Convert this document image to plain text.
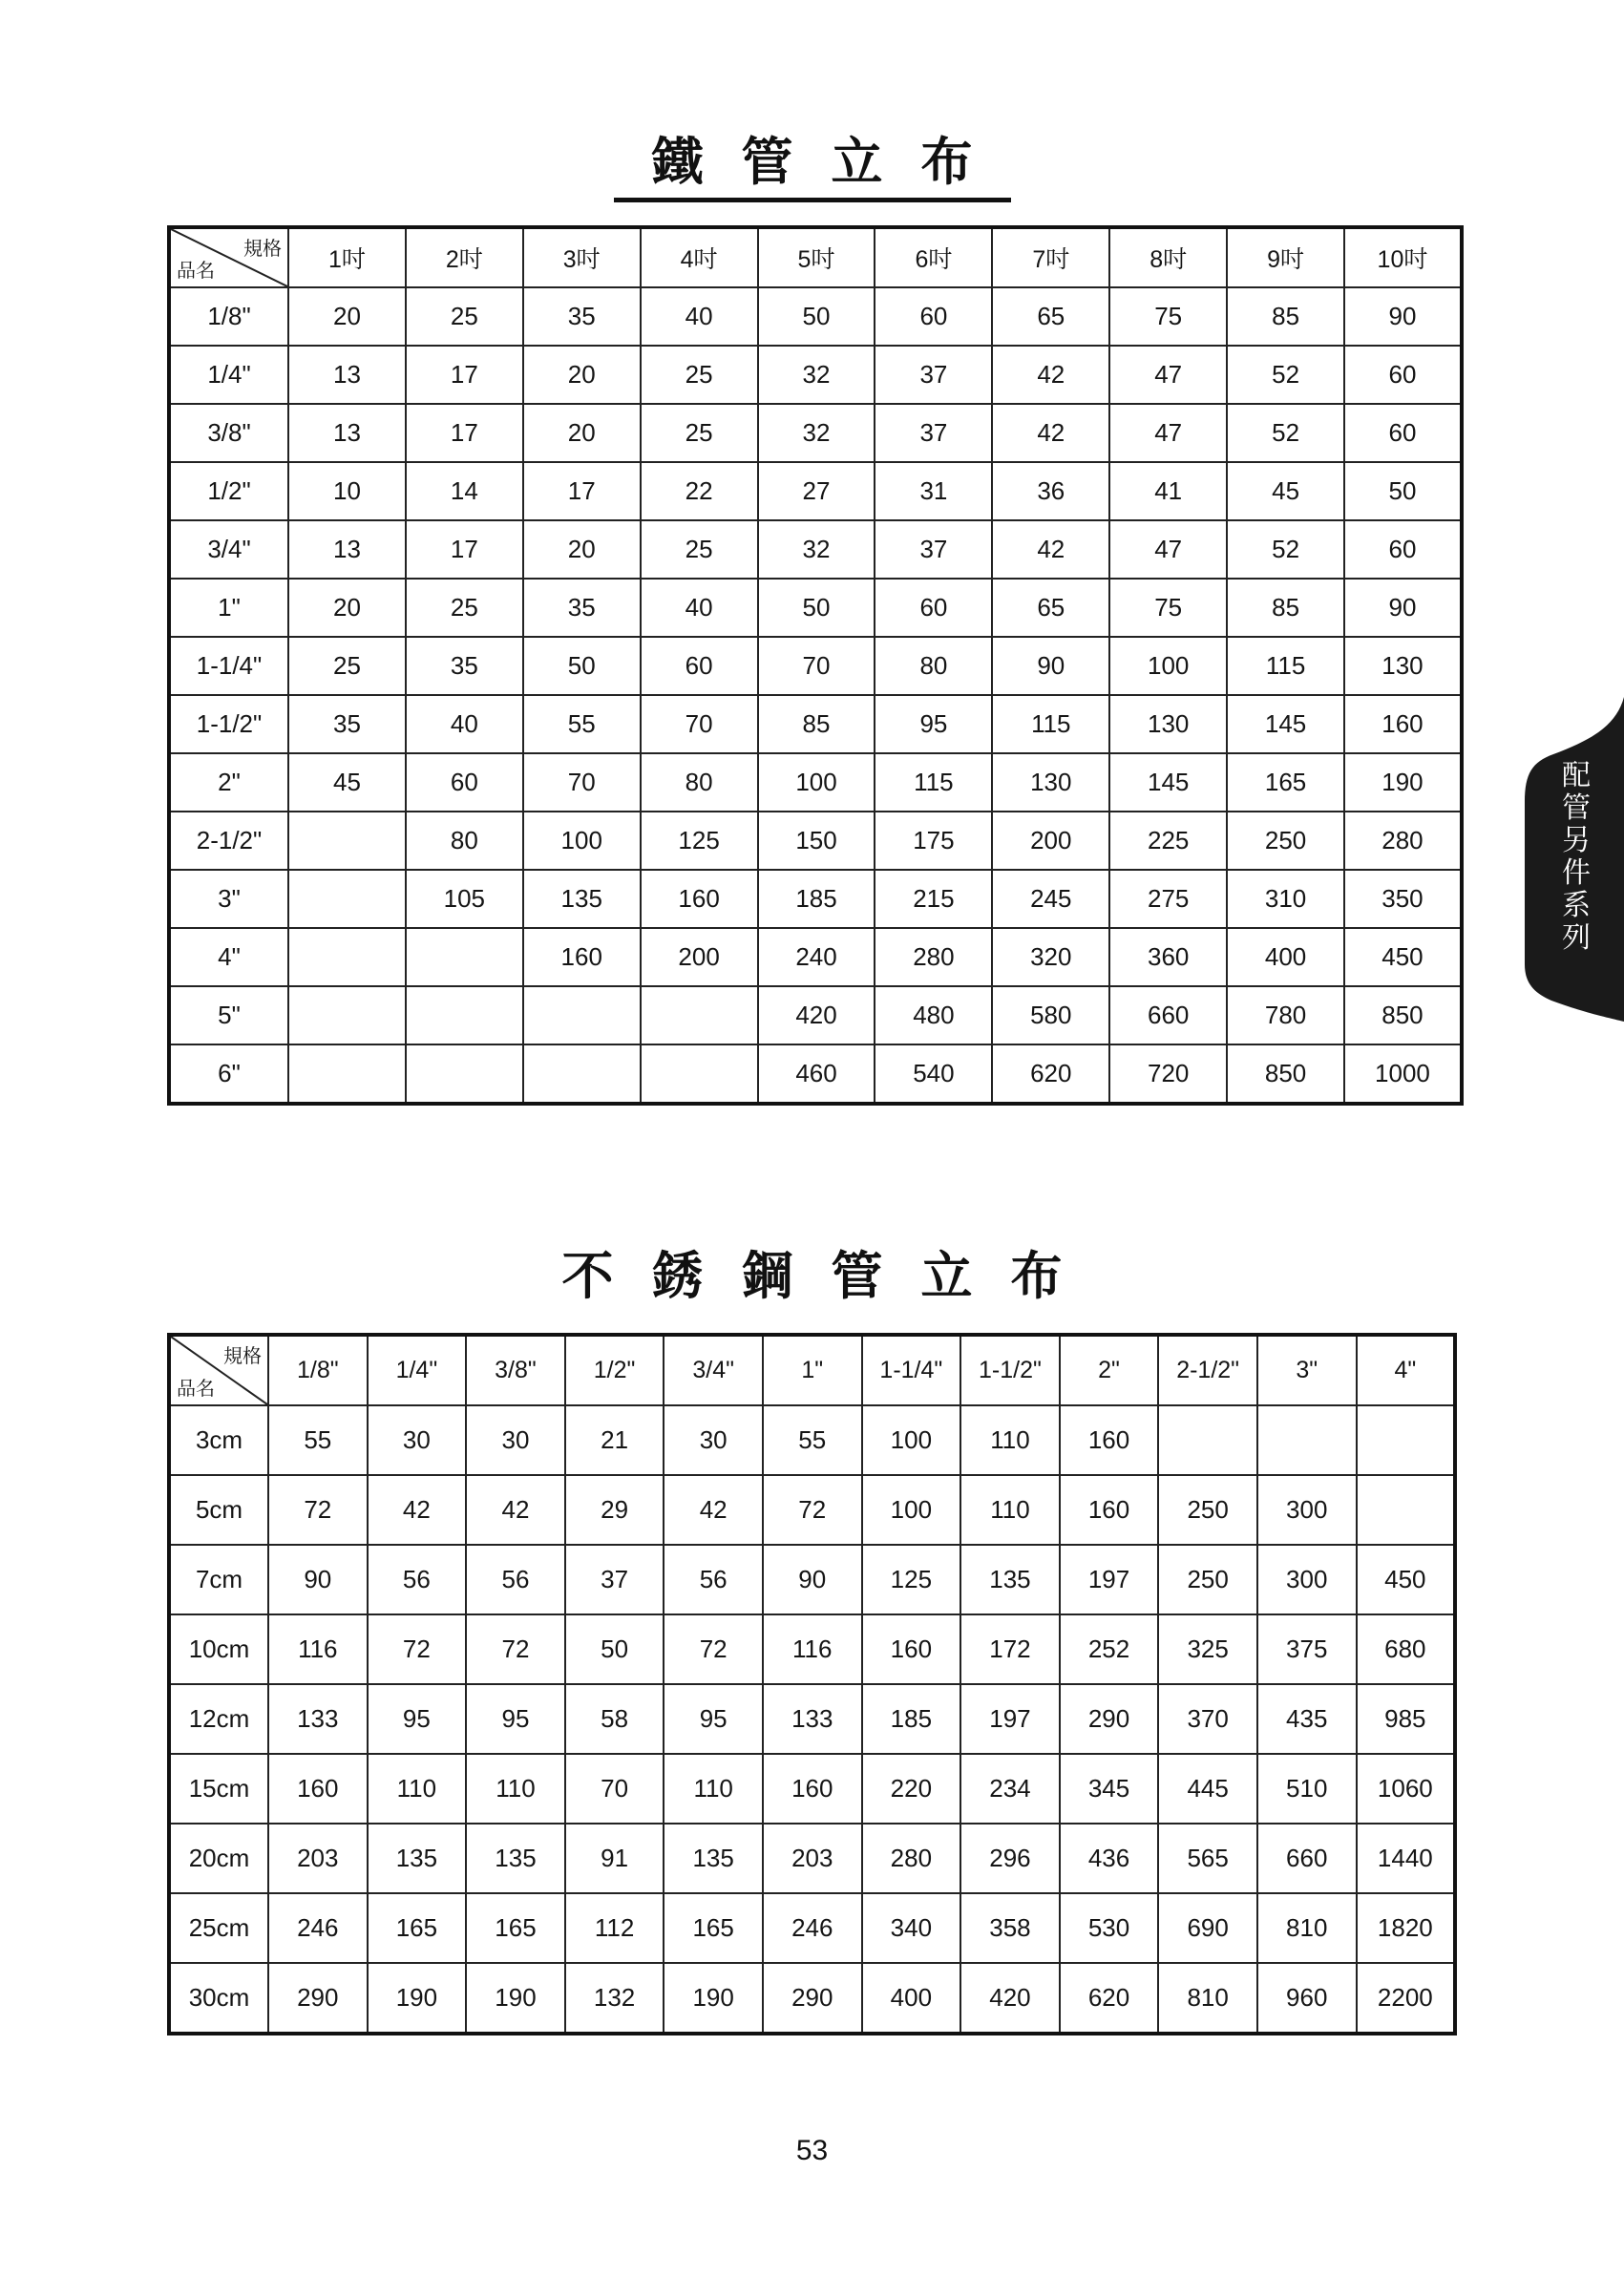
鐵管立布
規格
品名	1吋	2吋	3吋	4吋	5吋	6吋	7吋	8吋	9吋	10吋
1/8"	20	25	35	40	50	60	65	75	85	90
1/4"	13	17	20	25	32	37	42	47	52	60
3/8"	13	17	20	25	32	37	42	47	52	60
1/2"	10	14	17	22	27	31	36	41	45	50
3/4"	13	17	20	25	32	37	42	47	52	60
1"	20	25	35	40	50	60	65	75	85	90
1-1/4"	25	35	50	60	70	80	90	100	115	130
1-1/2"	35	40	55	70	85	95	115	130	145	160
2"	45	60	70	80	100	115	130	145	165	190
2-1/2"		80	100	125	150	175	200	225	250	280
3"		105	135	160	185	215	245	275	310	350
4"			160	200	240	280	320	360	400	450
5"					420	480	580	660	780	850
6"					460	540	620	720	850	1000
不銹鋼管立布
規格
品名	1/8"	1/4"	3/8"	1/2"	3/4"	1"	1-1/4"	1-1/2"	2"	2-1/2"	3"	4"
3cm	55	30	30	21	30	55	100	110	160			
5cm	72	42	42	29	42	72	100	110	160	250	300	
7cm	90	56	56	37	56	90	125	135	197	250	300	450
10cm	116	72	72	50	72	116	160	172	252	325	375	680
12cm	133	95	95	58	95	133	185	197	290	370	435	985
15cm	160	110	110	70	110	160	220	234	345	445	510	1060
20cm	203	135	135	91	135	203	280	296	436	565	660	1440
25cm	246	165	165	112	165	246	340	358	530	690	810	1820
30cm	290	190	190	132	190	290	400	420	620	810	960	2200
配管另件系列
53
